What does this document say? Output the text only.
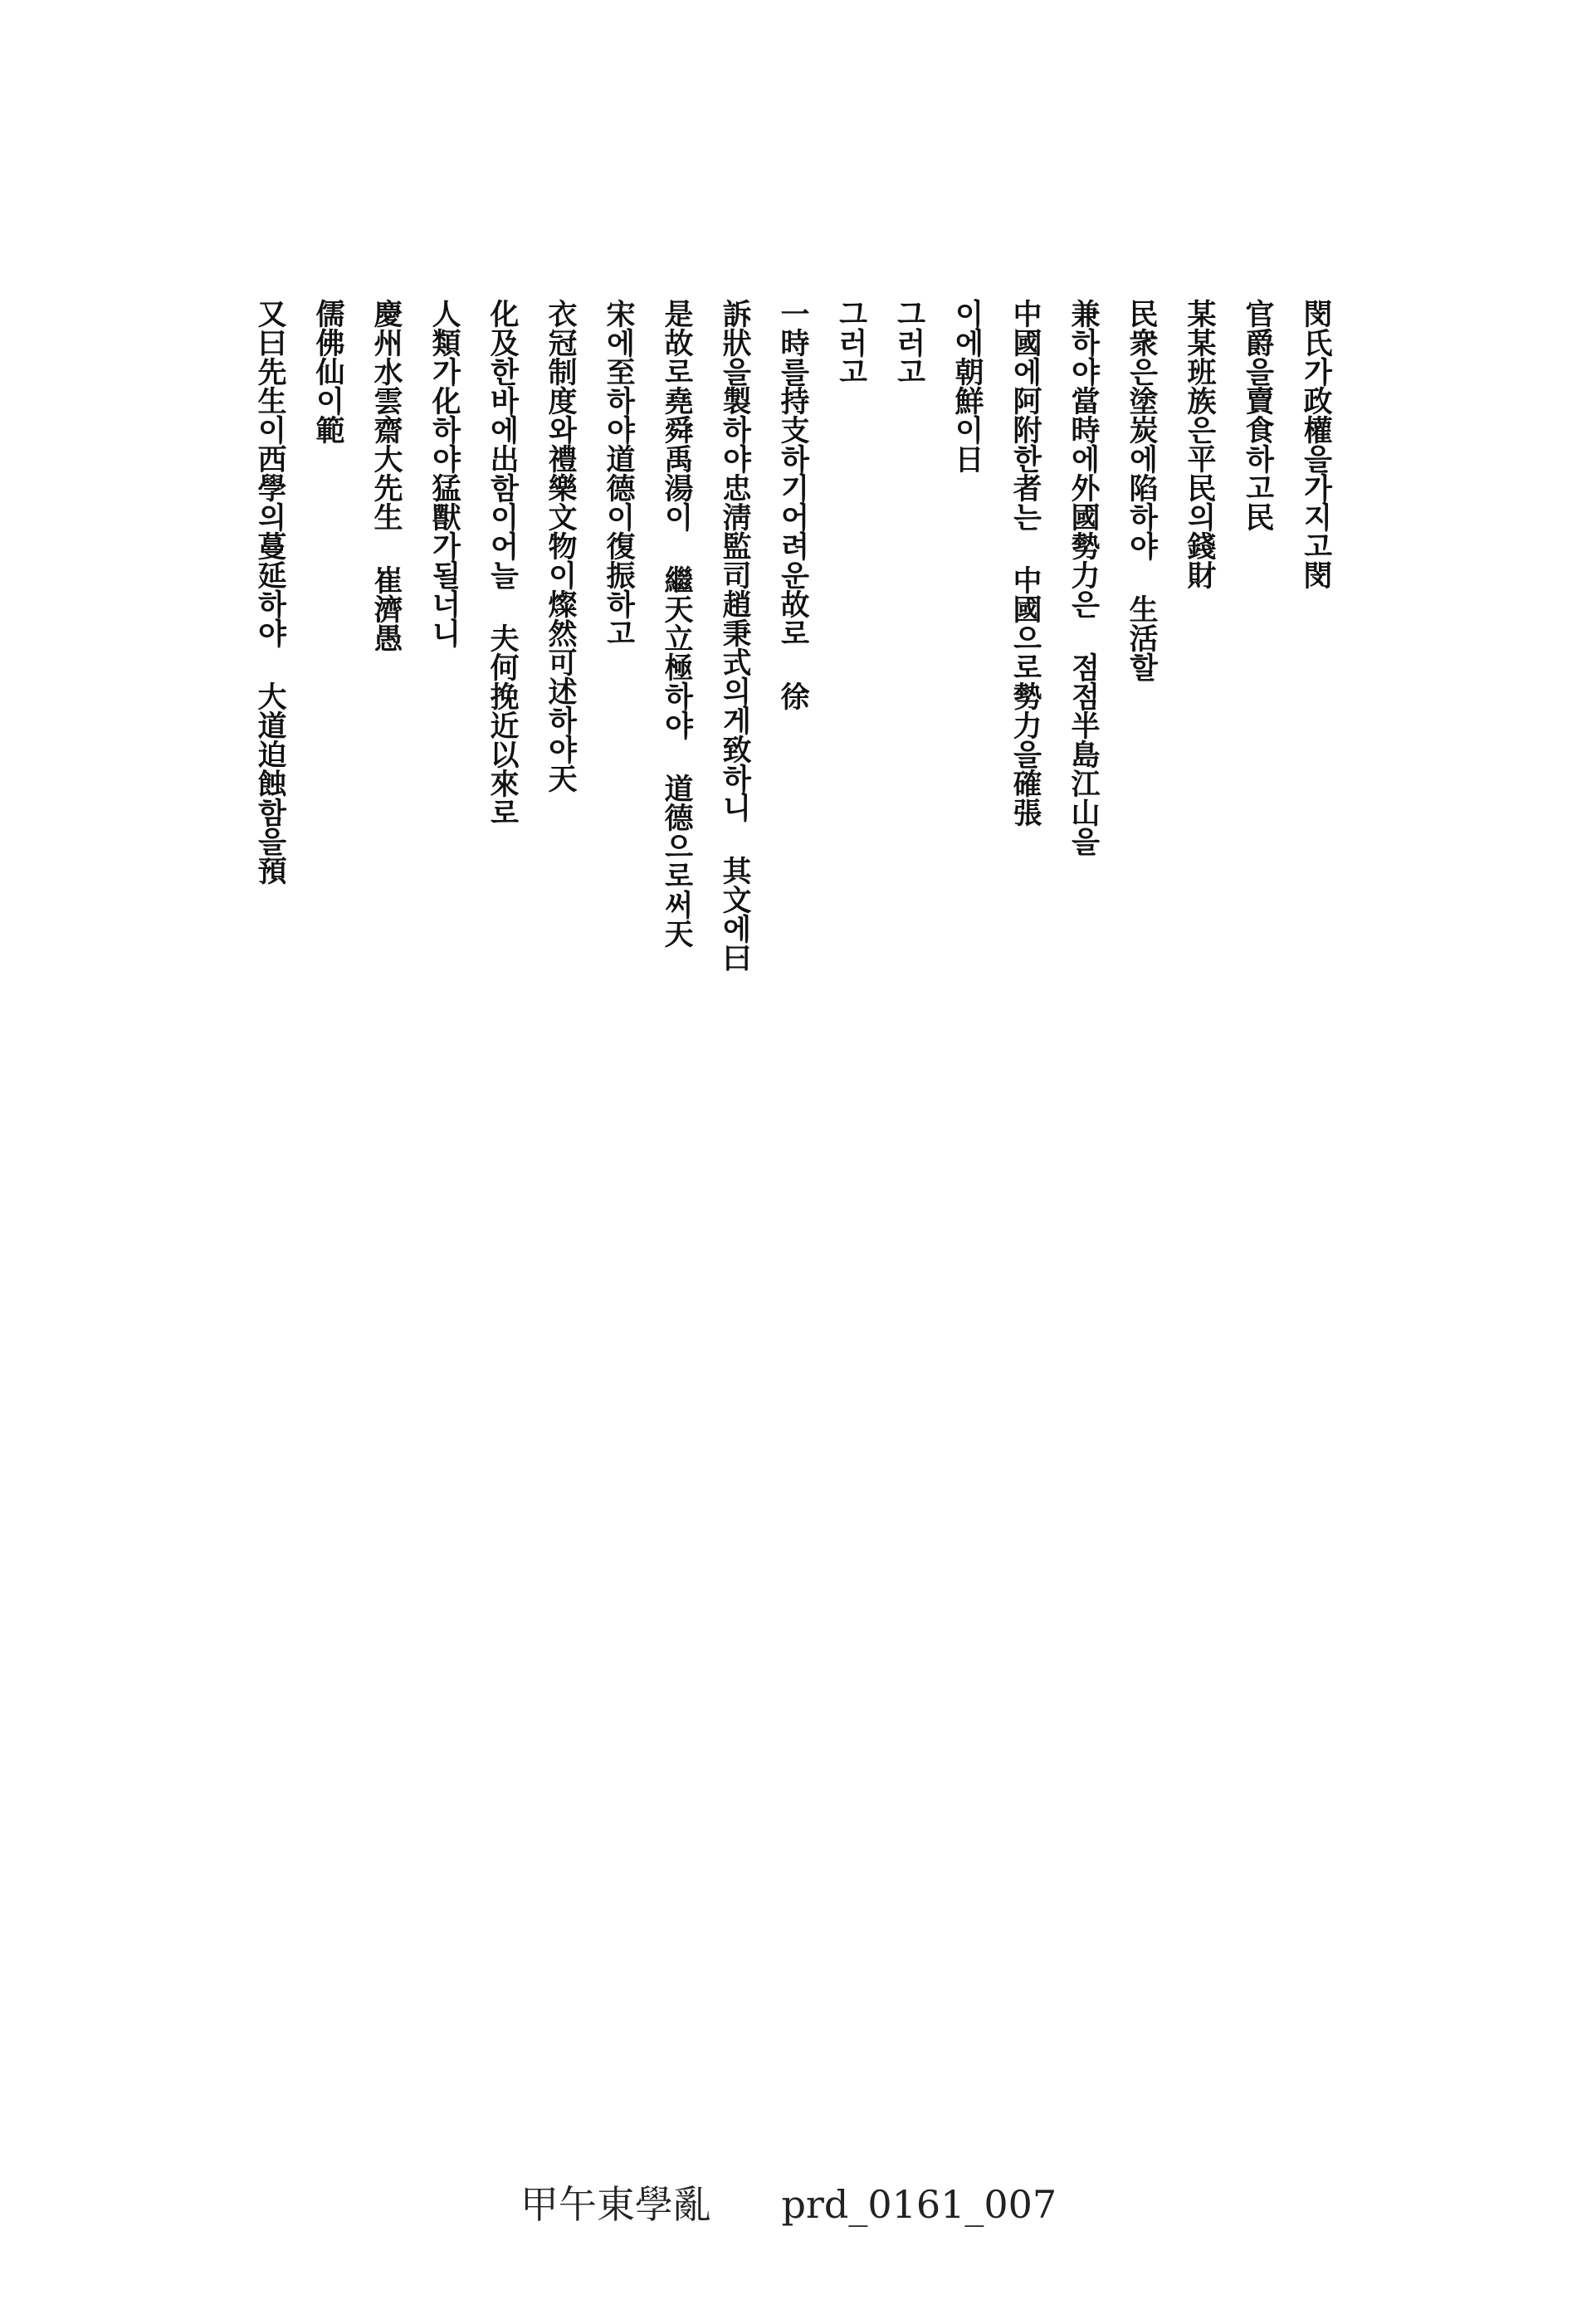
閔氏가政權을가지고閔
官爵을賣食하고民
某某班族은平民의錢財
民衆은塗炭에陷하야 生活할
兼하야當時에外國勢力은 점점半島江山을
中國에阿附한者는 中國으로勢力을確張
이에朝鮮이日
그러고
그러고
一時를持支하기어려운故로 徐
訴狀을製하야忠淸監司趙秉式의게致하니 其文에曰
是故로堯舜禹湯이 繼天立極하야 道德으로써天
宋에至하야道德이復振하고
衣冠制度와禮樂文物이燦然可述하야天
化及한바에出함이어늘 夫何挽近以來로
人類가化하야猛獸가될너니
慶州水雲齋大先生 崔濟愚
儒佛仙이範
又曰先生이西學의蔓延하야 大道迫蝕함을預
甲午東學亂 prd_0161_007
